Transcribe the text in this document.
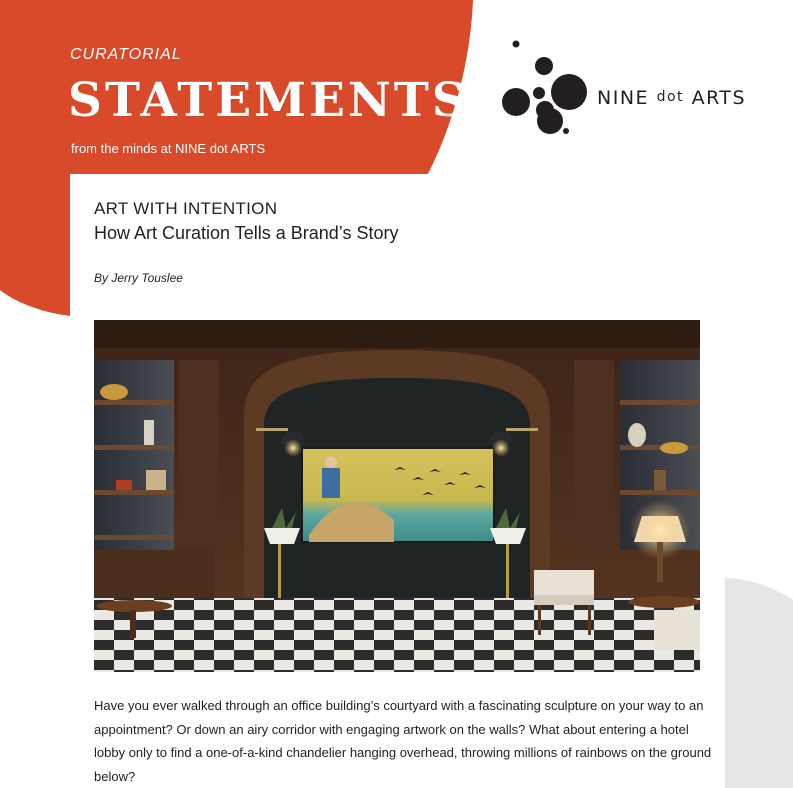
CURATORIAL
STATEMENTS
from the minds at NINE dot ARTS
NINE dot ARTS
ART WITH INTENTION
How Art Curation Tells a Brand’s Story
By Jerry Touslee
Have you ever walked through an office building’s courtyard with a fascinating sculpture on your way to an appointment? Or down an airy corridor with engaging artwork on the walls? What about entering a hotel lobby only to find a one-of-a-kind chandelier hanging overhead, throwing millions of rainbows on the ground below?
